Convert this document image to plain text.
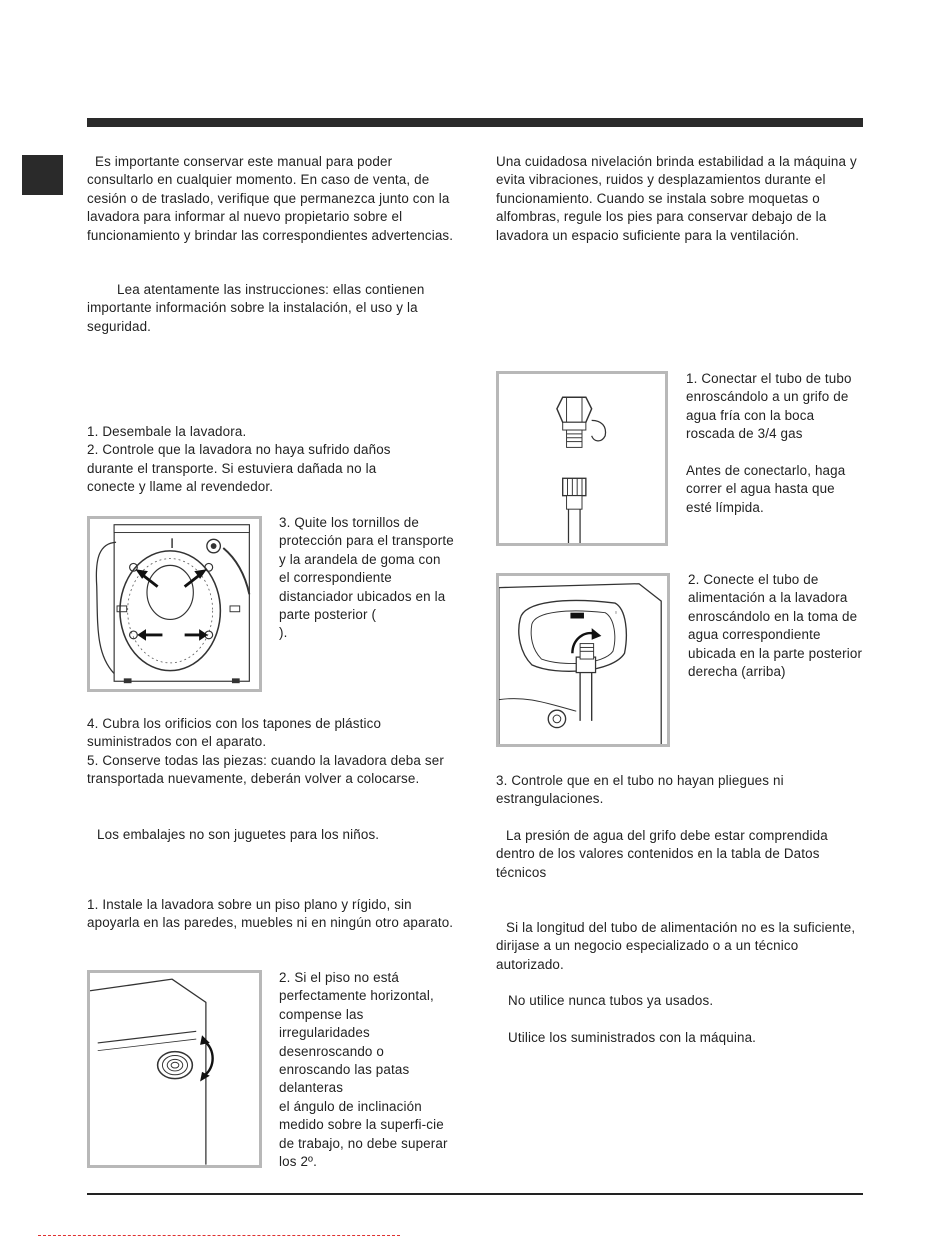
Es importante conservar este manual para poder consultarlo en cualquier momento. En caso de venta, de cesión o de traslado, verifique que permanezca junto con la lavadora para informar al nuevo propietario sobre el funcionamiento y brindar las correspondientes advertencias.

Lea atentamente las instrucciones: ellas contienen importante información sobre la instalación, el uso y la seguridad.

1. Desembale la lavadora.
2. Controle que la lavadora no haya sufrido daños durante el transporte. Si estuviera dañada no la conecte y llame al revendedor.

3. Quite los tornillos de protección para el transporte y la arandela de goma con el correspondiente distanciador ubicados en la parte posterior (
).

4. Cubra los orificios con los tapones de plástico suministrados con el aparato.
5. Conserve todas las piezas: cuando la lavadora deba ser transportada nuevamente, deberán volver a colocarse.

Los embalajes no son juguetes para los niños.

1. Instale la lavadora sobre un piso plano y rígido, sin apoyarla en las paredes, muebles ni en ningún otro aparato.

2. Si el piso no está perfectamente horizontal, compense las irregularidades desenroscando o enroscando las patas delanteras
el ángulo de inclinación medido sobre la superfi-cie de trabajo, no debe superar los 2º.

Una cuidadosa nivelación brinda estabilidad a la máquina y evita vibraciones, ruidos y desplazamientos durante el funcionamiento. Cuando se instala sobre moquetas o alfombras, regule los pies para conservar debajo de la lavadora un espacio suficiente para la ventilación.

1. Conectar el tubo de tubo enroscándolo a un grifo de agua fría con la boca roscada de 3/4 gas

Antes de conectarlo, haga correr el agua hasta que esté límpida.

▫

2. Conecte el tubo de alimentación a la lavadora enroscándolo en la toma de agua correspondiente ubicada en la parte posterior derecha (arriba)

3. Controle que en el tubo no hayan pliegues ni estrangulaciones.

La presión de agua del grifo debe estar comprendida dentro de los valores contenidos en la tabla de Datos técnicos

Si la longitud del tubo de alimentación no es la suficiente, dirijase a un negocio especializado o a un técnico autorizado.

No utilice nunca tubos ya usados.

Utilice los suministrados con la máquina.
